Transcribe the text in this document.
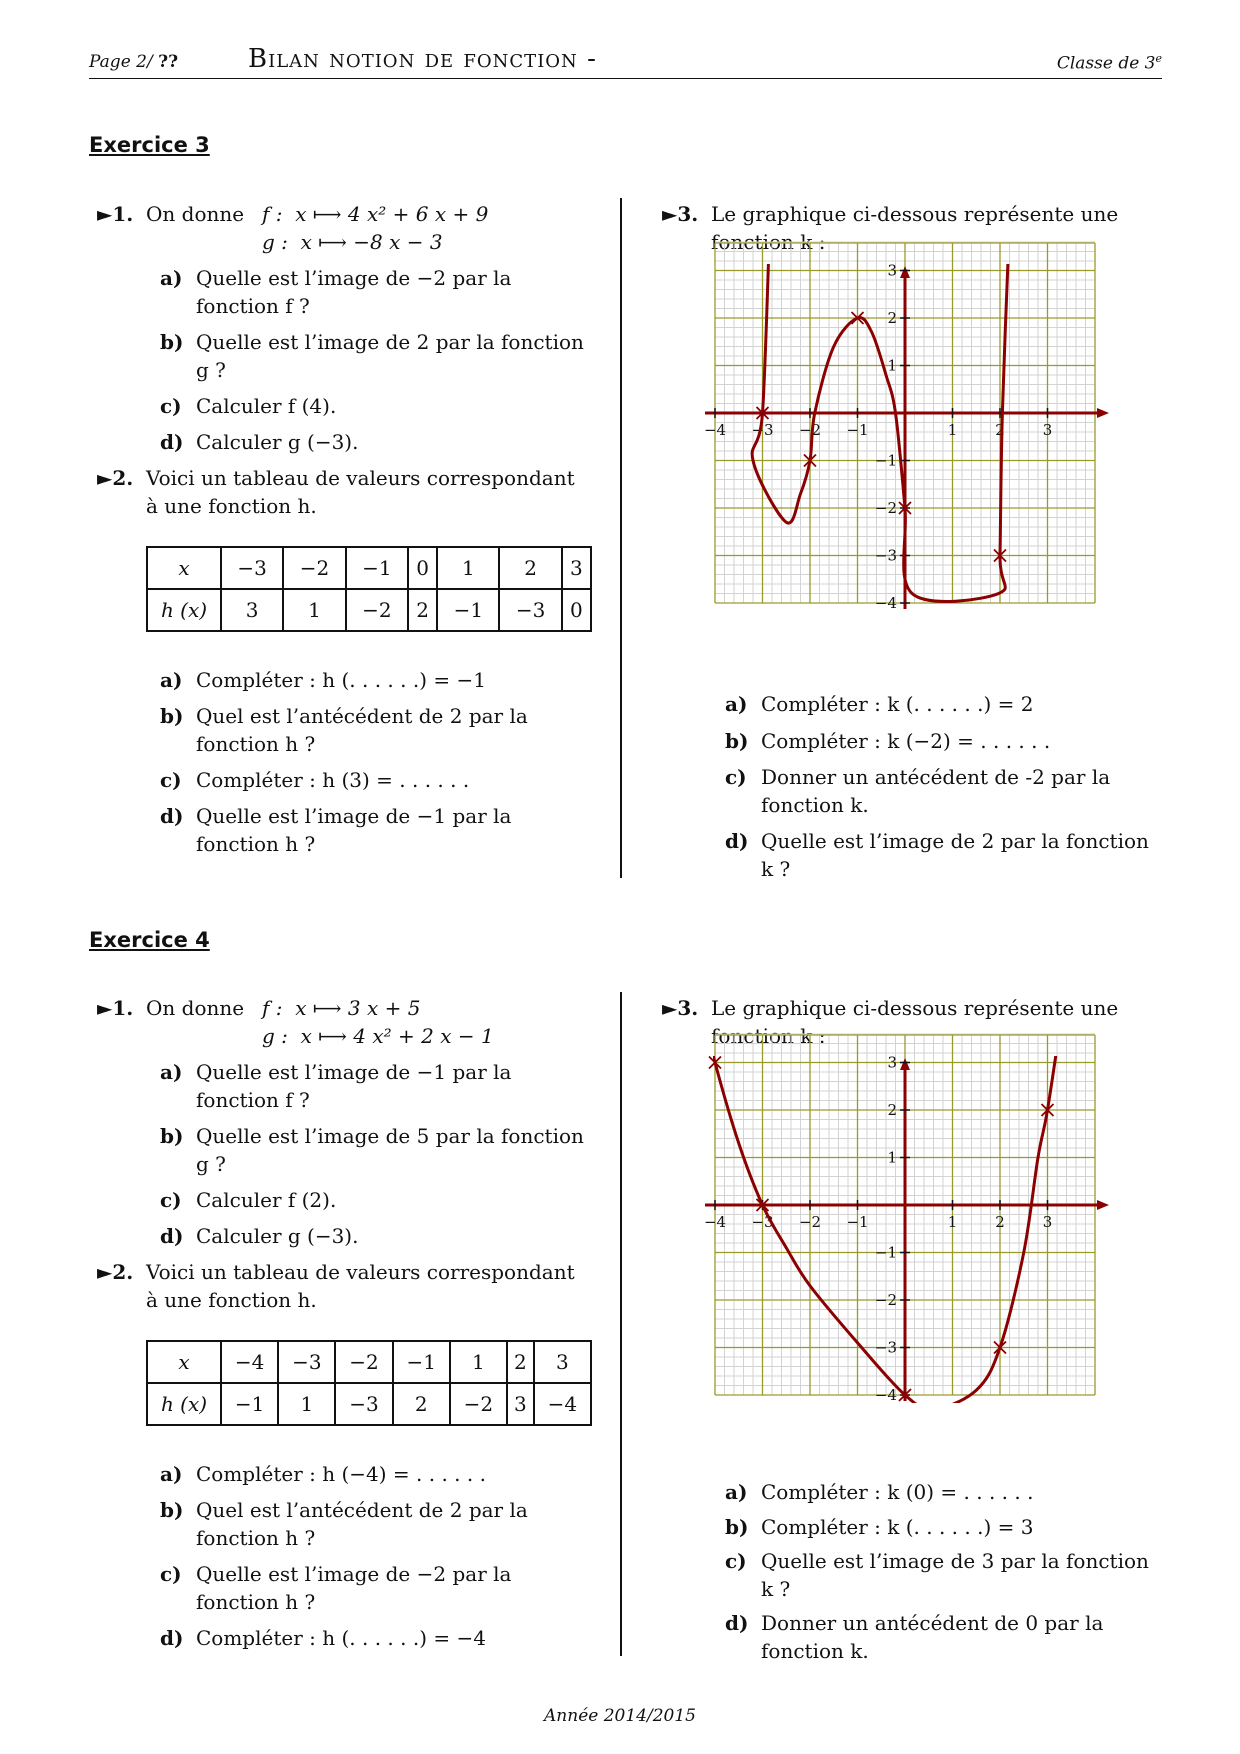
Page 2/ ??	Bilan notion de fonction -	Classe de 3e
Exercice 3
►1. On donne f :  x ⟼ 4 x² + 6 x + 9
g :  x ⟼ −8 x − 3
a) Quelle est l’image de −2 par la fonction f ?
b) Quelle est l’image de 2 par la fonction g ?
c) Calculer f (4).
d) Calculer g (−3).
►2. Voici un tableau de valeurs correspondant à une fonction h.
x	−3	−2	−1	0	1	2	3
h (x)	3	1	−2	2	−1	−3	0
a) Compléter : h (. . . . . .) = −1
b) Quel est l’antécédent de 2 par la fonction h ?
c) Compléter : h (3) = . . . . . .
d) Quelle est l’image de −1 par la fonction h ?
►3. Le graphique ci-dessous représente une fonction k :
−4 −3 −2 −1	1	2	3
3
2
1
−1
−2
−3
−4
a) Compléter : k (. . . . . .) = 2
b) Compléter : k (−2) = . . . . . .
c) Donner un antécédent de -2 par la fonction k.
d) Quelle est l’image de 2 par la fonction k ?
Exercice 4
►1. On donne f :  x ⟼ 3 x + 5
g :  x ⟼ 4 x² + 2 x − 1
a) Quelle est l’image de −1 par la fonction f ?
b) Quelle est l’image de 5 par la fonction g ?
c) Calculer f (2).
d) Calculer g (−3).
►2. Voici un tableau de valeurs correspondant à une fonction h.
x	−4	−3	−2	−1	1	2	3
h (x)	−1	1	−3	2	−2	3	−4
a) Compléter : h (−4) = . . . . . .
b) Quel est l’antécédent de 2 par la fonction h ?
c) Quelle est l’image de −2 par la fonction h ?
d) Compléter : h (. . . . . .) = −4
►3. Le graphique ci-dessous représente une fonction k :
−4 −3 −2 −1	1	2	3
3
2
1
−1
−2
−3
−4
a) Compléter : k (0) = . . . . . .
b) Compléter : k (. . . . . .) = 3
c) Quelle est l’image de 3 par la fonction k ?
d) Donner un antécédent de 0 par la fonction k.
Année 2014/2015
